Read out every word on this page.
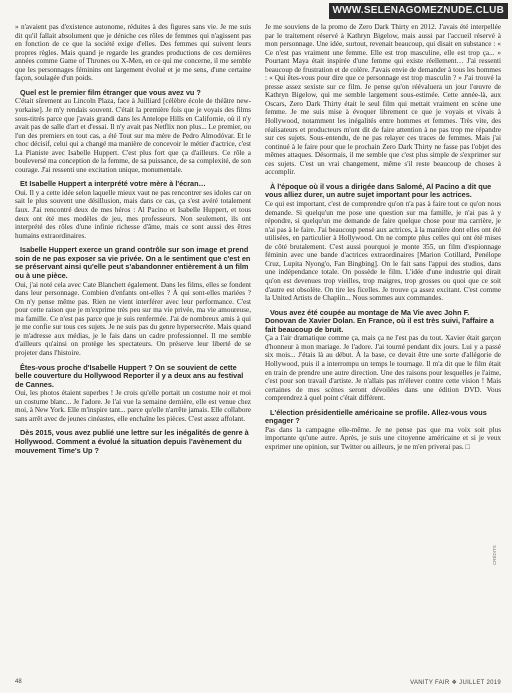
WWW.SELENAGOMEZNUDE.CLUB

» n'avaient pas d'existence autonome, réduites à des figures sans vie. Je me suis dit qu'il fallait absolument que je déniche ces rôles de femmes qui n'agissent pas en fonction de ce que la société exige d'elles. Des femmes qui suivent leurs propres règles. Mais quand je regarde les grandes productions de ces dernières années comme Game of Thrones ou X-Men, en ce qui me concerne, il me semble que les personnages féminins ont largement évolué et je me sens, d'une certaine façon, soulagée d'un poids.

Quel est le premier film étranger que vous avez vu ?

C'était sûrement au Lincoln Plaza, face à Juilliard [célèbre école de théâtre new-yorkaise]. Je m'y rendais souvent. C'était la première fois que je voyais des films sous-titrés parce que j'avais grandi dans les Antelope Hills en Californie, où il n'y avait pas de salle d'art et d'essai. Il n'y avait pas Netflix non plus... Le premier, ou l'un des premiers en tout cas, a été Tout sur ma mère de Pedro Almodóvar. Et le choc décisif, celui qui a changé ma manière de concevoir le métier d'actrice, c'est La Pianiste avec Isabelle Huppert. C'est plus fort que ça d'ailleurs. Ce rôle a bouleversé ma conception de la femme, de sa puissance, de sa complexité, de son courage. J'ai ressenti une excitation unique, monumentale.

Et Isabelle Huppert a interprété votre mère à l'écran…

Oui. Il y a cette idée selon laquelle mieux vaut ne pas rencontrer ses idoles car on sait le plus souvent une désillusion, mais dans ce cas, ça s'est avéré totalement faux. J'ai rencontré deux de mes héros : Al Pacino et Isabelle Huppert, et tous deux ont été mes modèles de jeu, mes professeurs. Non seulement, ils ont interprété des rôles d'une infinie richesse d'âme, mais ce sont aussi des êtres humains extraordinaires.

Isabelle Huppert exerce un grand contrôle sur son image et prend soin de ne pas exposer sa vie privée. On a le sentiment que c'est en se préservant ainsi qu'elle peut s'abandonner entièrement à un film ou à une pièce.

Oui, j'ai noté cela avec Cate Blanchett également. Dans les films, elles se fondent dans leur personnage. Combien d'enfants ont-elles ? À qui sont-elles mariées ? On n'y pense même pas. Rien ne vient interférer avec leur performance. C'est pour cette raison que je m'exprime très peu sur ma vie privée, ma vie amoureuse, ma famille. Ce n'est pas parce que je suis renfermée. J'ai de nombreux amis à qui je me confie sur tous ces sujets. Je ne suis pas du genre hypersecrète. Mais quand je m'adresse aux médias, je le fais dans un cadre professionnel. Il me semble d'ailleurs qu'ainsi on protège les spectateurs. On préserve leur liberté de se projeter dans l'histoire.

Êtes-vous proche d'Isabelle Huppert ? On se souvient de cette belle couverture du Hollywood Reporter il y a deux ans au festival de Cannes.

Oui, les photos étaient superbes ! Je crois qu'elle portait un costume noir et moi un costume blanc... Je l'adore. Je l'ai vue la semaine dernière, elle est venue chez moi, à New York. Elle m'inspire tant... parce qu'elle n'arrête jamais. Elle collabore sans arrêt avec de jeunes cinéastes, elle enchaîne les pièces. C'est assez affolant.

Dès 2015, vous avez publié une lettre sur les inégalités de genre à Hollywood. Comment a évolué la situation depuis l'avènement du mouvement Time's Up ?

Je me souviens de la promo de Zero Dark Thirty en 2012. J'avais été interpellée par le traitement réservé à Kathryn Bigelow, mais aussi par l'accueil réservé à mon personnage. Une idée, surtout, revenait beaucoup, qui disait en substance : « Ce n'est pas vraiment une femme. Elle est trop masculine, elle est trop ça... » Pourtant Maya était inspirée d'une femme qui existe réellement… J'ai ressenti beaucoup de frustration et de colère. J'avais envie de demander à tous les hommes : « Qui êtes-vous pour dire que ce personnage est trop masculin ? » J'ai trouvé la presse assez sexiste sur ce film. Je pense qu'on réévaluera un jour l'œuvre de Kathryn Bigelow, qui me semble largement sous-estimée. Cette année-là, aux Oscars, Zero Dark Thirty était le seul film qui mettait vraiment en scène une femme. Je me suis mise à évoquer librement ce que je voyais et vivais à Hollywood, notamment les inégalités entre hommes et femmes. Très vite, des réalisateurs et producteurs m'ont dit de faire attention à ne pas trop me répandre sur ces sujets. Sous-entendu, de ne pas relayer ces traces de femmes. Mais j'ai continué à le faire pour que le prochain Zero Dark Thirty ne fasse pas l'objet des mêmes attaques. Désormais, il me semble que c'est plus simple de s'exprimer sur ces sujets. C'est un vrai changement, même s'il reste beaucoup de choses à accomplir.

À l'époque où il vous a dirigée dans Salomé, Al Pacino a dit que vous alliez durer, un autre sujet important pour les actrices.

Ce qui est important, c'est de comprendre qu'on n'a pas à faire tout ce qu'on nous demande. Si quelqu'un me pose une question sur ma famille, je n'ai pas à y répondre, si quelqu'un me demande de faire quelque chose pour ma carrière, je n'ai pas à le faire. J'ai beaucoup pensé aux actrices, à la manière dont elles ont été utilisées, en particulier à Hollywood. On ne compte plus celles qui ont été mises de côté brutalement. C'est aussi pourquoi je monte 355, un film d'espionnage féminin avec une bande d'actrices extraordinaires [Marion Cotillard, Penélope Cruz, Lupita Nyong'o, Fan Bingbing]. On le fait sans l'appui des studios, dans une indépendance totale. On possède le film. L'idée d'une industrie qui dirait qu'on est devenues trop vieilles, trop maigres, trop grosses ou quoi que ce soit d'autre est obsolète. On tire les ficelles. Je trouve ça assez excitant. C'est comme la United Artists de Chaplin... Nous sommes aux commandes.

Vous avez été coupée au montage de Ma Vie avec John F. Donovan de Xavier Dolan. En France, où il est très suivi, l'affaire a fait beaucoup de bruit.

Ça a l'air dramatique comme ça, mais ça ne l'est pas du tout. Xavier était garçon d'honneur à mon mariage. Je l'adore. J'ai tourné pendant dix jours. Lui y a passé six mois... J'étais là au début. À la base, ce devait être une sorte d'allégorie de Hollywood, puis il a interrompu un temps le tournage. Il m'a dit que le film était en train de prendre une autre direction. Une des raisons pour lesquelles je l'aime, c'est pour son travail d'artiste. Je n'allais pas m'élever contre cette vision ! Mais certaines de mes scènes seront dévoilées dans une édition DVD. Vous comprendrez à quel point c'était différent.

L'élection présidentielle américaine se profile. Allez-vous vous engager ?

Pas dans la campagne elle-même. Je ne pense pas que ma voix soit plus importante qu'une autre. Après, je suis une citoyenne américaine et si je veux exprimer une opinion, sur Twitter ou ailleurs, je ne m'en priverai pas. □

CRÉDITS
48	VANITY FAIR ❖ JUILLET 2019
